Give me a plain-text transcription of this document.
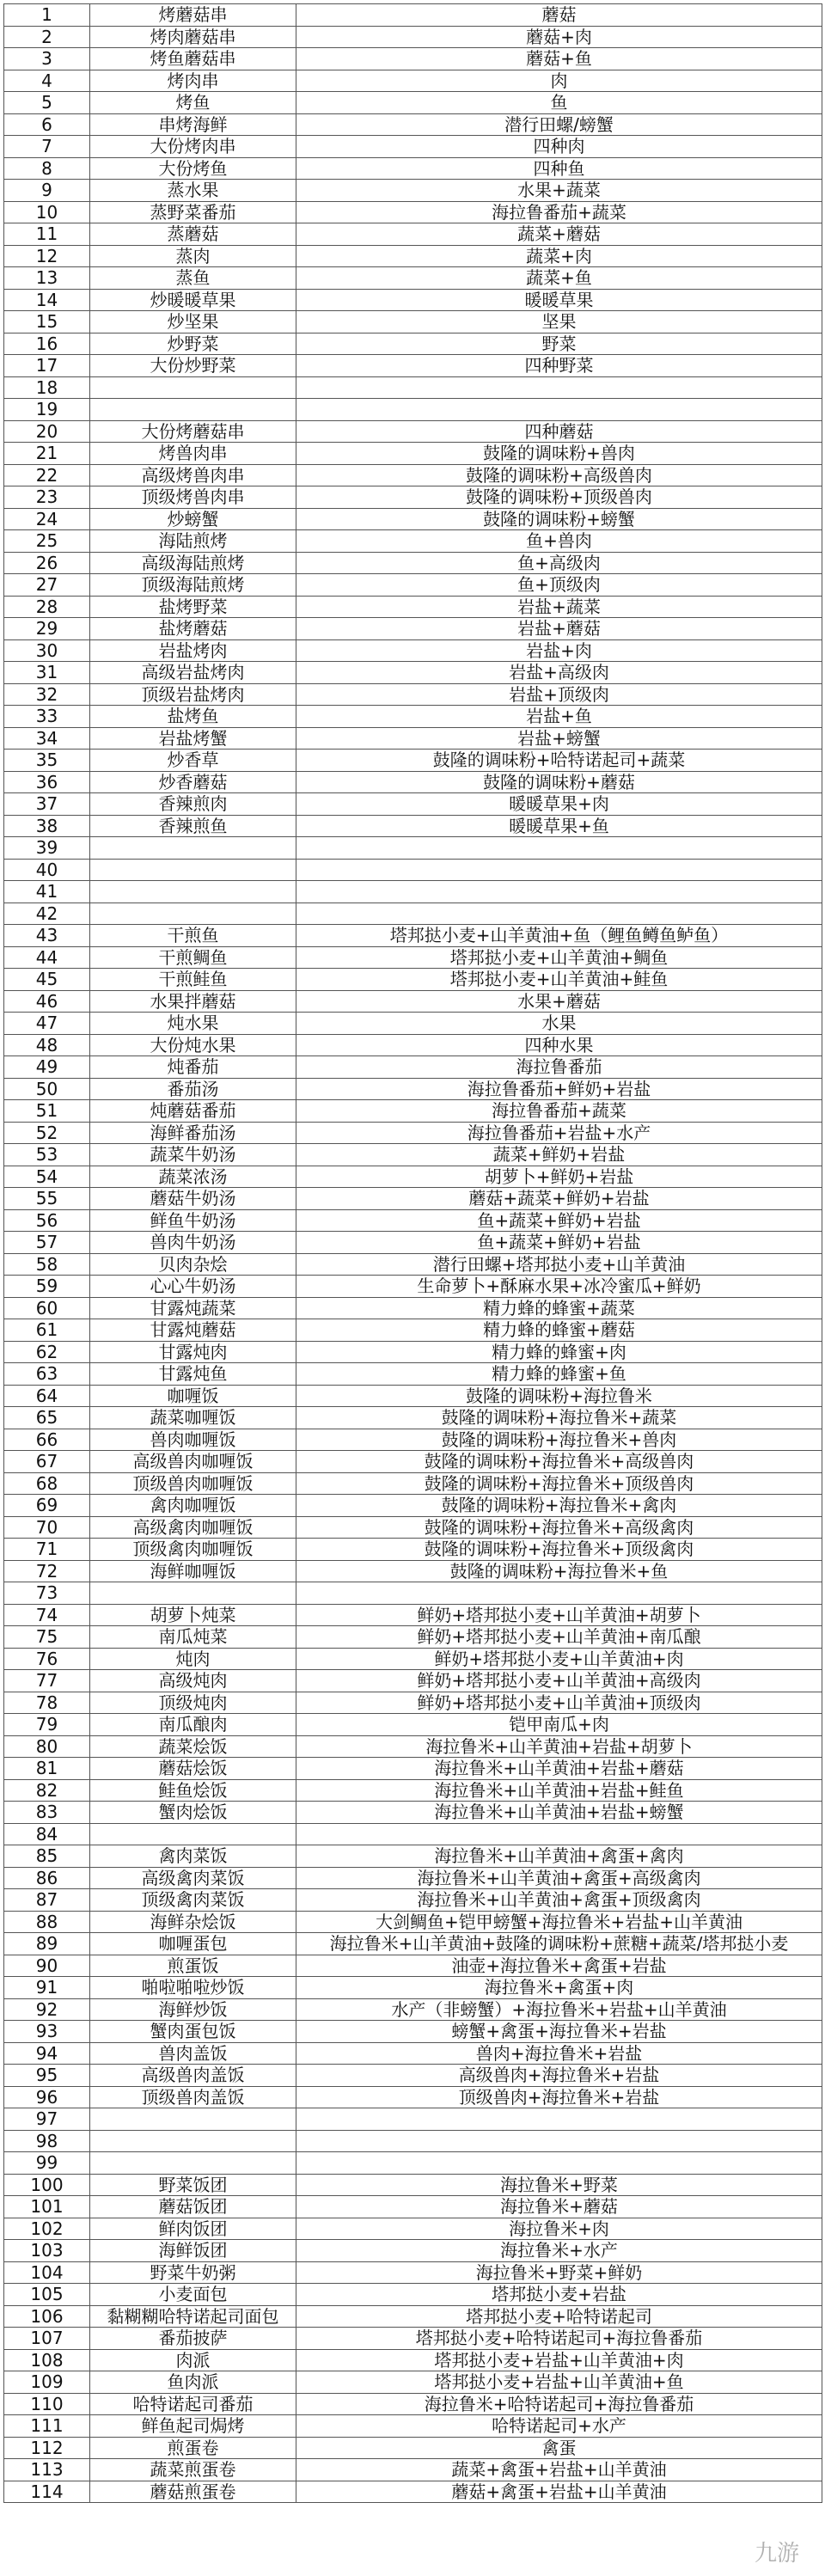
1	烤蘑菇串	蘑菇
2	烤肉蘑菇串	蘑菇+肉
3	烤鱼蘑菇串	蘑菇+鱼
4	烤肉串	肉
5	烤鱼	鱼
6	串烤海鲜	潜行田螺/螃蟹
7	大份烤肉串	四种肉
8	大份烤鱼	四种鱼
9	蒸水果	水果+蔬菜
10	蒸野菜番茄	海拉鲁番茄+蔬菜
11	蒸蘑菇	蔬菜+蘑菇
12	蒸肉	蔬菜+肉
13	蒸鱼	蔬菜+鱼
14	炒暖暖草果	暖暖草果
15	炒坚果	坚果
16	炒野菜	野菜
17	大份炒野菜	四种野菜
18		
19		
20	大份烤蘑菇串	四种蘑菇
21	烤兽肉串	鼓隆的调味粉+兽肉
22	高级烤兽肉串	鼓隆的调味粉+高级兽肉
23	顶级烤兽肉串	鼓隆的调味粉+顶级兽肉
24	炒螃蟹	鼓隆的调味粉+螃蟹
25	海陆煎烤	鱼+兽肉
26	高级海陆煎烤	鱼+高级肉
27	顶级海陆煎烤	鱼+顶级肉
28	盐烤野菜	岩盐+蔬菜
29	盐烤蘑菇	岩盐+蘑菇
30	岩盐烤肉	岩盐+肉
31	高级岩盐烤肉	岩盐+高级肉
32	顶级岩盐烤肉	岩盐+顶级肉
33	盐烤鱼	岩盐+鱼
34	岩盐烤蟹	岩盐+螃蟹
35	炒香草	鼓隆的调味粉+哈特诺起司+蔬菜
36	炒香蘑菇	鼓隆的调味粉+蘑菇
37	香辣煎肉	暖暖草果+肉
38	香辣煎鱼	暖暖草果+鱼
39		
40		
41		
42		
43	干煎鱼	塔邦挞小麦+山羊黄油+鱼（鲤鱼鳟鱼鲈鱼）
44	干煎鲷鱼	塔邦挞小麦+山羊黄油+鲷鱼
45	干煎鲑鱼	塔邦挞小麦+山羊黄油+鲑鱼
46	水果拌蘑菇	水果+蘑菇
47	炖水果	水果
48	大份炖水果	四种水果
49	炖番茄	海拉鲁番茄
50	番茄汤	海拉鲁番茄+鲜奶+岩盐
51	炖蘑菇番茄	海拉鲁番茄+蔬菜
52	海鲜番茄汤	海拉鲁番茄+岩盐+水产
53	蔬菜牛奶汤	蔬菜+鲜奶+岩盐
54	蔬菜浓汤	胡萝卜+鲜奶+岩盐
55	蘑菇牛奶汤	蘑菇+蔬菜+鲜奶+岩盐
56	鲜鱼牛奶汤	鱼+蔬菜+鲜奶+岩盐
57	兽肉牛奶汤	鱼+蔬菜+鲜奶+岩盐
58	贝肉杂烩	潜行田螺+塔邦挞小麦+山羊黄油
59	心心牛奶汤	生命萝卜+酥麻水果+冰冷蜜瓜+鲜奶
60	甘露炖蔬菜	精力蜂的蜂蜜+蔬菜
61	甘露炖蘑菇	精力蜂的蜂蜜+蘑菇
62	甘露炖肉	精力蜂的蜂蜜+肉
63	甘露炖鱼	精力蜂的蜂蜜+鱼
64	咖喱饭	鼓隆的调味粉+海拉鲁米
65	蔬菜咖喱饭	鼓隆的调味粉+海拉鲁米+蔬菜
66	兽肉咖喱饭	鼓隆的调味粉+海拉鲁米+兽肉
67	高级兽肉咖喱饭	鼓隆的调味粉+海拉鲁米+高级兽肉
68	顶级兽肉咖喱饭	鼓隆的调味粉+海拉鲁米+顶级兽肉
69	禽肉咖喱饭	鼓隆的调味粉+海拉鲁米+禽肉
70	高级禽肉咖喱饭	鼓隆的调味粉+海拉鲁米+高级禽肉
71	顶级禽肉咖喱饭	鼓隆的调味粉+海拉鲁米+顶级禽肉
72	海鲜咖喱饭	鼓隆的调味粉+海拉鲁米+鱼
73		
74	胡萝卜炖菜	鲜奶+塔邦挞小麦+山羊黄油+胡萝卜
75	南瓜炖菜	鲜奶+塔邦挞小麦+山羊黄油+南瓜酿
76	炖肉	鲜奶+塔邦挞小麦+山羊黄油+肉
77	高级炖肉	鲜奶+塔邦挞小麦+山羊黄油+高级肉
78	顶级炖肉	鲜奶+塔邦挞小麦+山羊黄油+顶级肉
79	南瓜酿肉	铠甲南瓜+肉
80	蔬菜烩饭	海拉鲁米+山羊黄油+岩盐+胡萝卜
81	蘑菇烩饭	海拉鲁米+山羊黄油+岩盐+蘑菇
82	鲑鱼烩饭	海拉鲁米+山羊黄油+岩盐+鲑鱼
83	蟹肉烩饭	海拉鲁米+山羊黄油+岩盐+螃蟹
84		
85	禽肉菜饭	海拉鲁米+山羊黄油+禽蛋+禽肉
86	高级禽肉菜饭	海拉鲁米+山羊黄油+禽蛋+高级禽肉
87	顶级禽肉菜饭	海拉鲁米+山羊黄油+禽蛋+顶级禽肉
88	海鲜杂烩饭	大剑鲷鱼+铠甲螃蟹+海拉鲁米+岩盐+山羊黄油
89	咖喱蛋包	海拉鲁米+山羊黄油+鼓隆的调味粉+蔗糖+蔬菜/塔邦挞小麦
90	煎蛋饭	油壶+海拉鲁米+禽蛋+岩盐
91	啪啦啪啦炒饭	海拉鲁米+禽蛋+肉
92	海鲜炒饭	水产（非螃蟹）+海拉鲁米+岩盐+山羊黄油
93	蟹肉蛋包饭	螃蟹+禽蛋+海拉鲁米+岩盐
94	兽肉盖饭	兽肉+海拉鲁米+岩盐
95	高级兽肉盖饭	高级兽肉+海拉鲁米+岩盐
96	顶级兽肉盖饭	顶级兽肉+海拉鲁米+岩盐
97		
98		
99		
100	野菜饭团	海拉鲁米+野菜
101	蘑菇饭团	海拉鲁米+蘑菇
102	鲜肉饭团	海拉鲁米+肉
103	海鲜饭团	海拉鲁米+水产
104	野菜牛奶粥	海拉鲁米+野菜+鲜奶
105	小麦面包	塔邦挞小麦+岩盐
106	黏糊糊哈特诺起司面包	塔邦挞小麦+哈特诺起司
107	番茄披萨	塔邦挞小麦+哈特诺起司+海拉鲁番茄
108	肉派	塔邦挞小麦+岩盐+山羊黄油+肉
109	鱼肉派	塔邦挞小麦+岩盐+山羊黄油+鱼
110	哈特诺起司番茄	海拉鲁米+哈特诺起司+海拉鲁番茄
111	鲜鱼起司焗烤	哈特诺起司+水产
112	煎蛋卷	禽蛋
113	蔬菜煎蛋卷	蔬菜+禽蛋+岩盐+山羊黄油
114	蘑菇煎蛋卷	蘑菇+禽蛋+岩盐+山羊黄油
九游
